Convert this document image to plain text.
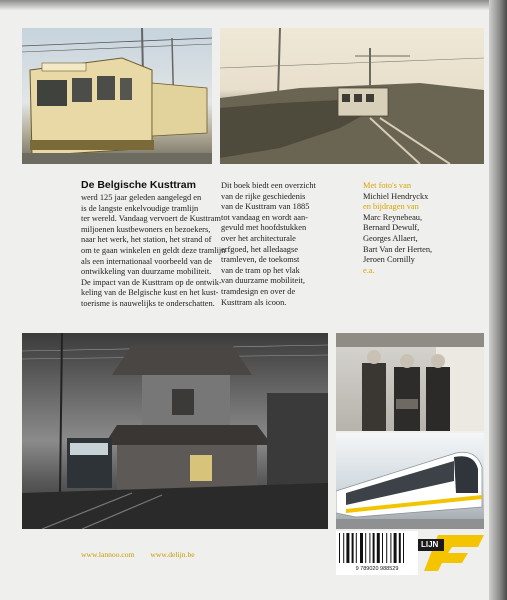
De Belgische Kusttram
werd 125 jaar geleden aangelegd en
is de langste enkelvoudige tramlijn
ter wereld. Vandaag vervoert de Kusttram
miljoenen kustbewoners en bezoekers,
naar het werk, het station, het strand of
om te gaan winkelen en geldt deze tramlijn
als een internationaal voorbeeld van de
ontwikkeling van duurzame mobiliteit.
De impact van de Kusttram op de ontwik-
keling van de Belgische kust en het kust-
toerisme is nauwelijks te onderschatten.
Dit boek biedt een overzicht
van de rijke geschiedenis
van de Kusttram van 1885
tot vandaag en wordt aan-
gevuld met hoofdstukken
over het architecturale
erfgoed, het alledaagse
tramleven, de toekomst
van de tram op het vlak
van duurzame mobiliteit,
tramdesign en over de
Kusttram als icoon.
Met foto's van
Michiel Hendryckx
en bijdragen van
Marc Reynebeau,
Bernard Dewulf,
Georges Allaert,
Bart Van der Herten,
Jeroen Cornilly
e.a.
www.lannoo.com www.delijn.be
9 789020 988529
LIJN
